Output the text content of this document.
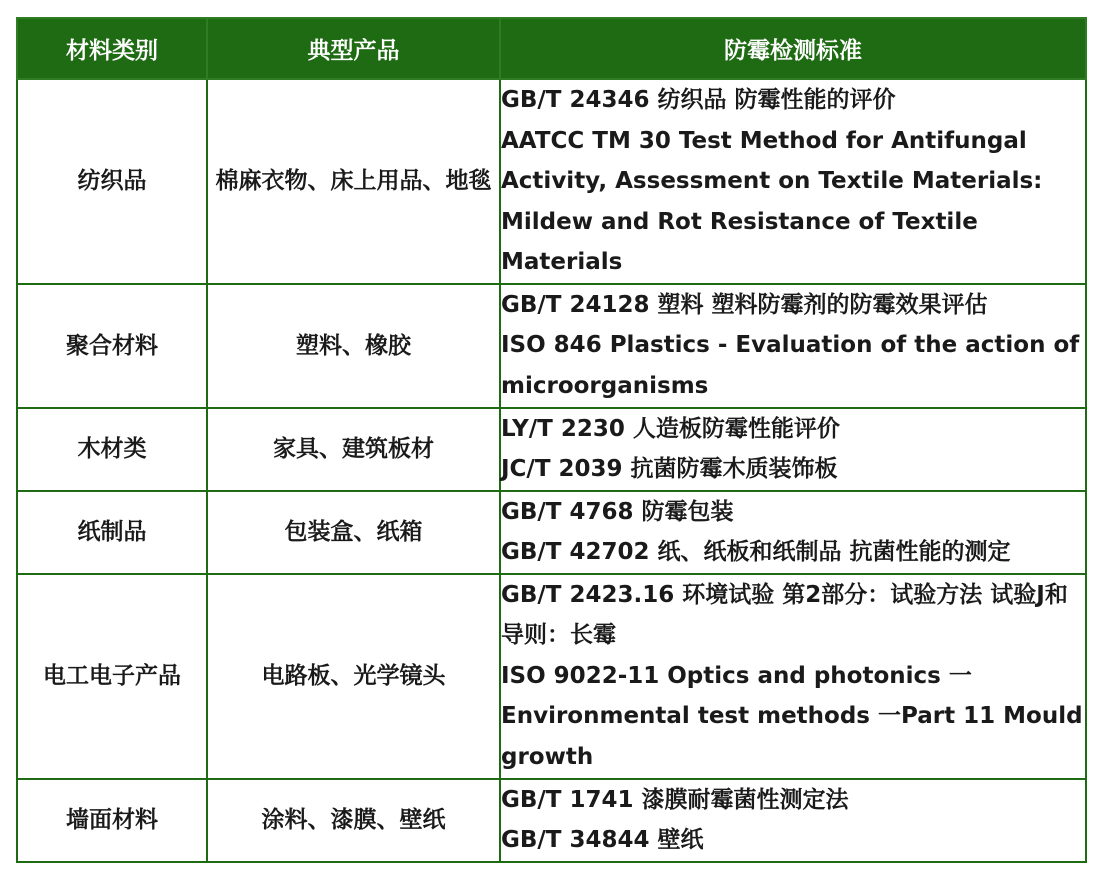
材料类别	典型产品	防霉检测标准
纺织品	棉麻衣物、床上用品、地毯	GB/T 24346 纺织品 防霉性能的评价
AATCC TM 30 Test Method for Antifungal Activity, Assessment on Textile Materials: Mildew and Rot Resistance of Textile Materials

聚合材料	塑料、橡胶	GB/T 24128 塑料 塑料防霉剂的防霉效果评估
ISO 846 Plastics - Evaluation of the action of microorganisms

木材类	家具、建筑板材	LY/T 2230 人造板防霉性能评价
JC/T 2039 抗菌防霉木质装饰板

纸制品	包装盒、纸箱	GB/T 4768 防霉包装
GB/T 42702 纸、纸板和纸制品 抗菌性能的测定

电工电子产品	电路板、光学镜头	GB/T 2423.16 环境试验 第2部分：试验方法 试验J和导则：长霉
ISO 9022-11 Optics and photonics 一 Environmental test methods 一Part 11 Mould growth

墙面材料	涂料、漆膜、壁纸	GB/T 1741 漆膜耐霉菌性测定法
GB/T 34844 壁纸
